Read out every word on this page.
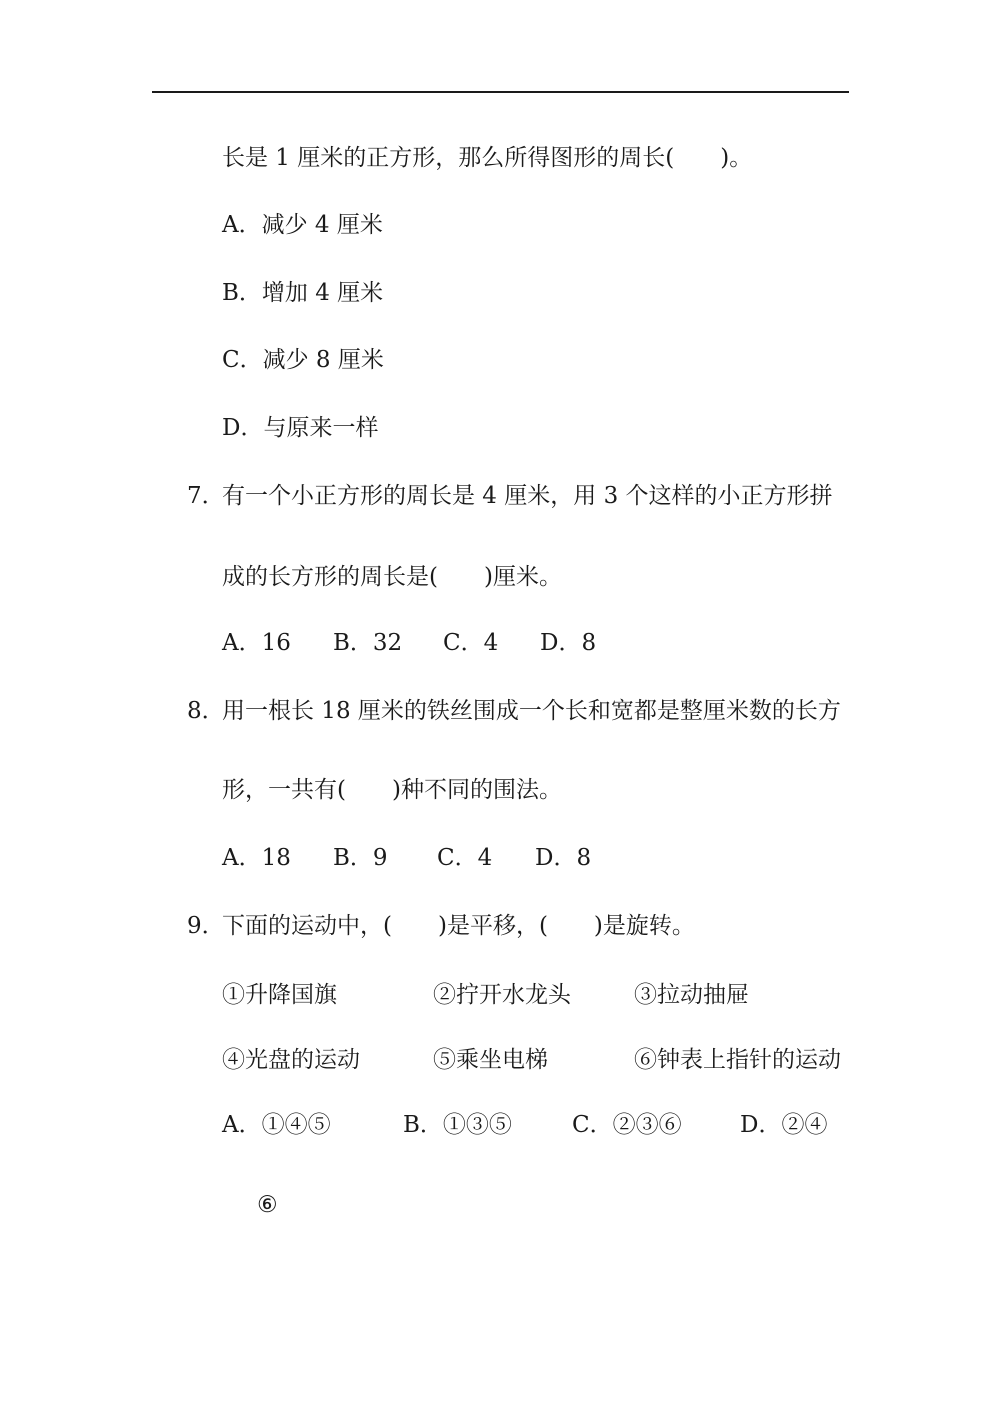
长是 1 厘米的正方形，那么所得图形的周长(　　)。
A．减少 4 厘米
B．增加 4 厘米
C．减少 8 厘米
D．与原来一样
7．
有一个小正方形的周长是 4 厘米，用 3 个这样的小正方形拼
成的长方形的周长是(　　)厘米。
A．16 B．32 C．4 D．8
8．
用一根长 18 厘米的铁丝围成一个长和宽都是整厘米数的长方
形，一共有(　　)种不同的围法。
A．18 B．9 C．4 D．8
9．
下面的运动中，(　　)是平移，(　　)是旋转。
①升降国旗	②拧开水龙头	③拉动抽屉
④光盘的运动	⑤乘坐电梯	⑥钟表上指针的运动
A．①④⑤	B．①③⑤	C．②③⑥	D．②④
⑥
